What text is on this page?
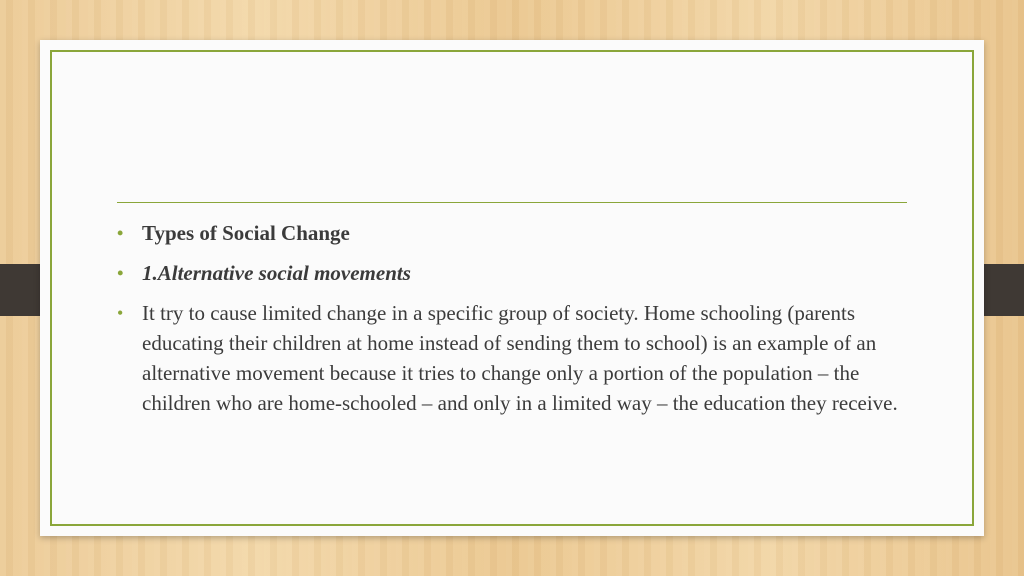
• Types of Social Change
• 1.Alternative social movements
• It try to cause limited change in a specific group of society. Home schooling (parents educating their children at home instead of sending them to school) is an example of an alternative movement because it tries to change only a portion of the population – the children who are home-schooled – and only in a limited way – the education they receive.
